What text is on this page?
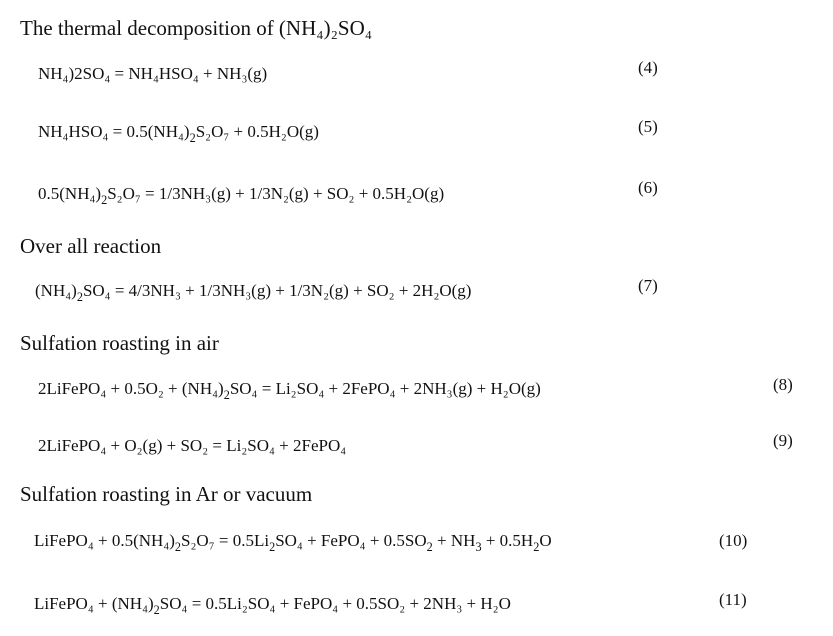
The thermal decomposition of (NH₄)₂SO₄
NH₄)2SO₄ = NH₄HSO₄ + NH₃(g)	(4)
$NH_4HSO_4 = 0.5(NH_4)_2S_2O_7 + 0.5H_2O(g)$	(5)
$0.5(NH_4)_2S_2O_7 = 1/3NH_3(g) + 1/3N_2(g) + SO_2 + 0.5H_2O(g)$	(6)
Over all reaction
$(NH_4)_2SO_4 = 4/3NH_3 + 1/3NH_3(g) + 1/3N_2(g) + SO_2 + 2H_2O(g)$	(7)
Sulfation roasting in air
2LiFePO₄ + $0.5O_2 + (NH_4)_2SO_4 = Li_2SO_4$ + 2FePO₄ + 2NH₃(g) + H₂O(g)	(8)
2LiFePO₄ + O₂(g) + SO₂ = Li₂SO₄ + 2FePO₄	(9)
Sulfation roasting in Ar or vacuum
LiFePO₄ + $0.5(NH_4)_2S_2O_7 = 0.5Li_2SO_4$ + FePO₄ + $0.5SO_2 + NH_3 + 0.5H_2O$	(10)
LiFePO₄ + $(NH_4)_2SO_4 = 0.5Li_2SO_4$ + FePO₄ + 0.5SO₂ + 2NH₃ + H₂O	(11)
